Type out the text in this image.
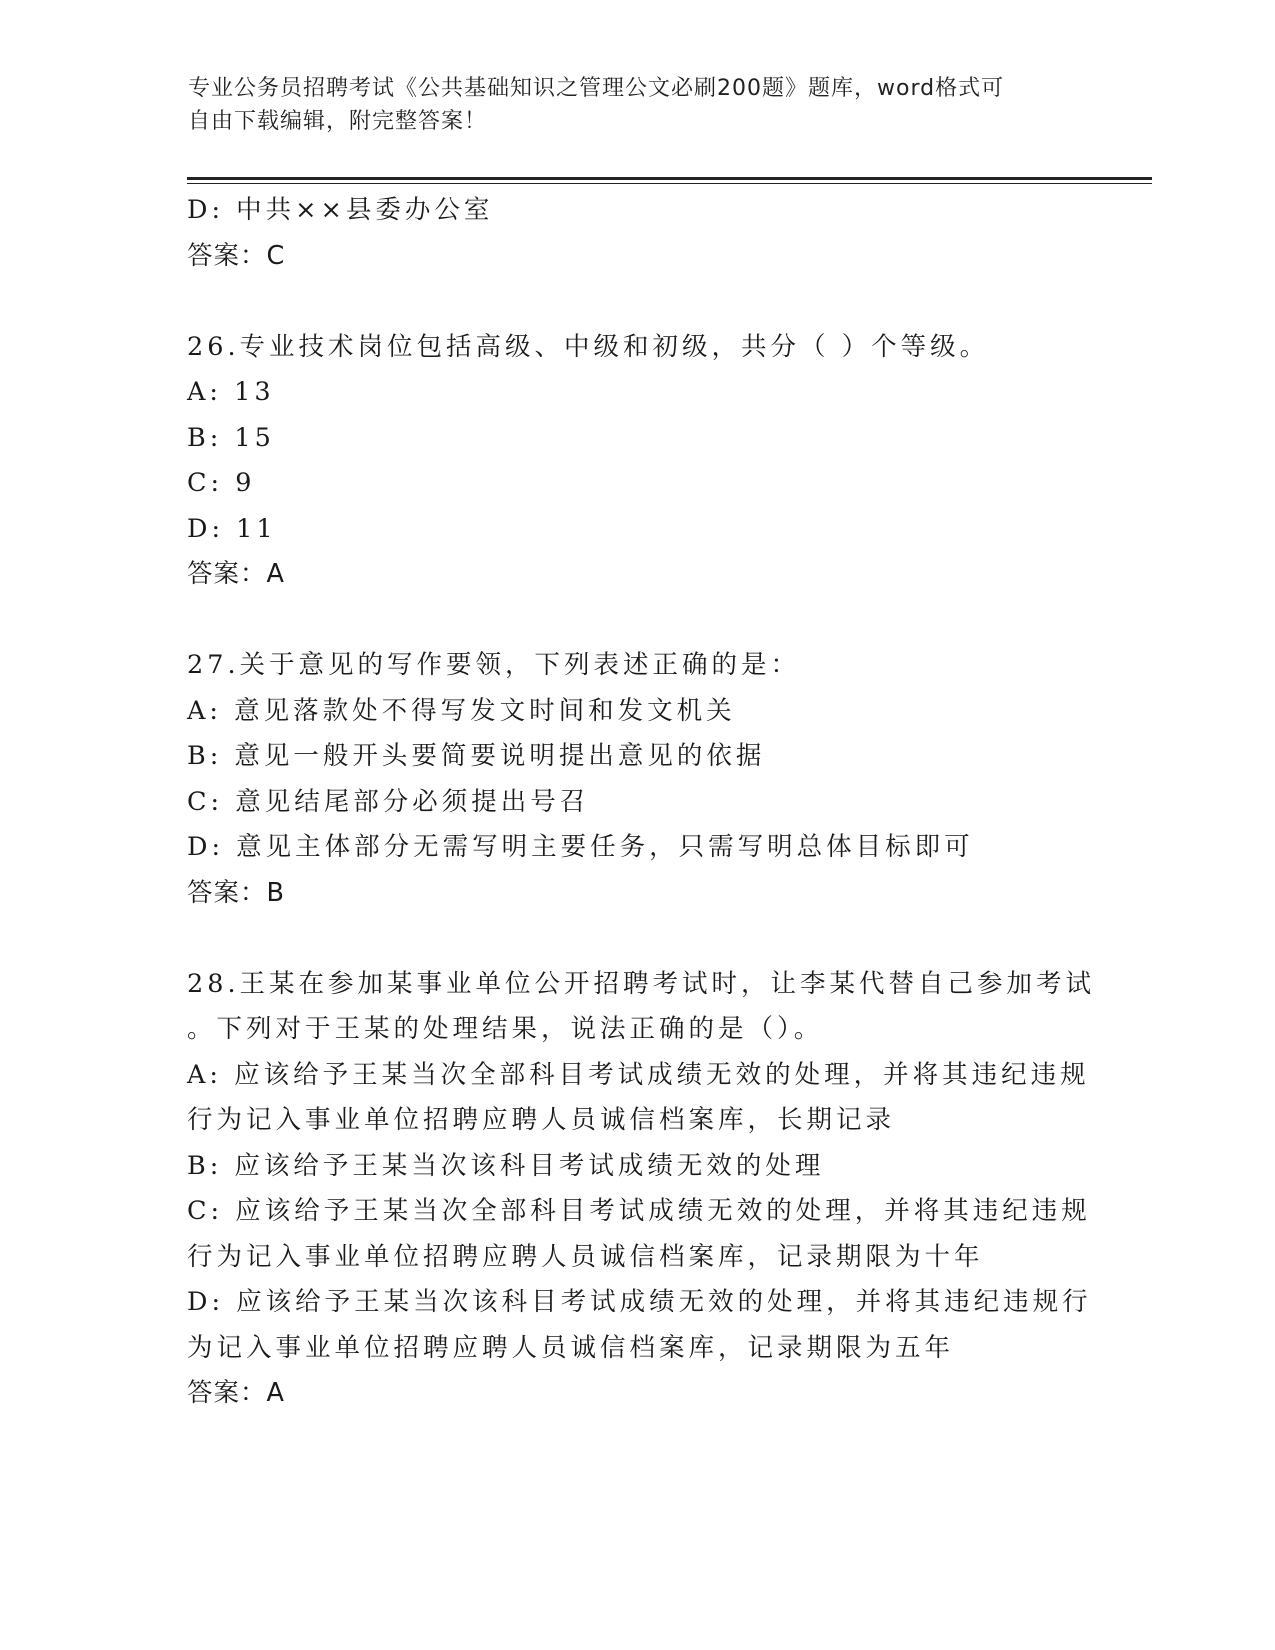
专业公务员招聘考试《公共基础知识之管理公文必刷200题》题库，word格式可
自由下载编辑，附完整答案！
D: 中共××县委办公室
答案：C
26.专业技术岗位包括高级、中级和初级，共分（ ）个等级。
A: 13
B: 15
C: 9
D: 11
答案：A
27.关于意见的写作要领，下列表述正确的是：
A: 意见落款处不得写发文时间和发文机关
B: 意见一般开头要简要说明提出意见的依据
C: 意见结尾部分必须提出号召
D: 意见主体部分无需写明主要任务，只需写明总体目标即可
答案：B
28.王某在参加某事业单位公开招聘考试时，让李某代替自己参加考试
。下列对于王某的处理结果，说法正确的是（）。
A: 应该给予王某当次全部科目考试成绩无效的处理，并将其违纪违规
行为记入事业单位招聘应聘人员诚信档案库，长期记录
B: 应该给予王某当次该科目考试成绩无效的处理
C: 应该给予王某当次全部科目考试成绩无效的处理，并将其违纪违规
行为记入事业单位招聘应聘人员诚信档案库，记录期限为十年
D: 应该给予王某当次该科目考试成绩无效的处理，并将其违纪违规行
为记入事业单位招聘应聘人员诚信档案库，记录期限为五年
答案：A
